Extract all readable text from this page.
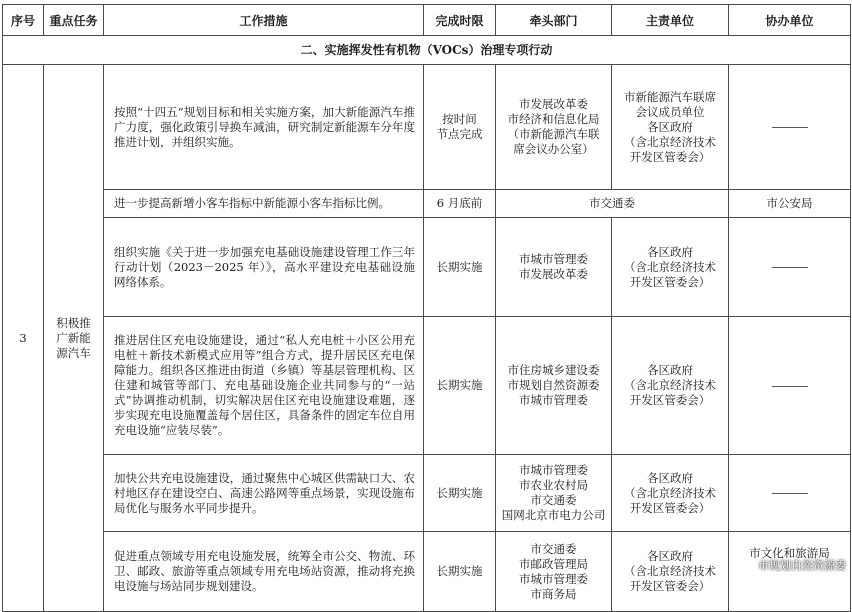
序号	重点任务	工作措施	完成时限	牵头部门	主责单位	协办单位
二、实施挥发性有机物（VOCs）治理专项行动						
3	积极推
广新能
源汽车	按照“十四五”规划目标和相关实施方案，加大新能源汽车推广力度，强化政策引导换车减油，研究制定新能源车分年度推进计划，并组织实施。	按时间
节点完成	市发展改革委
市经济和信息化局
（市新能源汽车联
席会议办公室）	市新能源汽车联席
会议成员单位
各区政府
（含北京经济技术
开发区管委会）	

		进一步提高新增小客车指标中新能源小客车指标比例。	6 月底前	市交通委		市公安局
		组织实施《关于进一步加强充电基础设施建设管理工作三年行动计划（2023－2025 年）》，高水平建设充电基础设施网络体系。	长期实施	市城市管理委
市发展改革委	各区政府
（含北京经济技术
开发区管委会）	

		推进居住区充电设施建设，通过“私人充电桩＋小区公用充电桩＋新技术新模式应用等”组合方式，提升居民区充电保障能力。组织各区推进由街道（乡镇）等基层管理机构、区住建和城管等部门、充电基础设施企业共同参与的“一站式”协调推动机制，切实解决居住区充电设施建设难题，逐步实现充电设施覆盖每个居住区，具备条件的固定车位自用充电设施“应装尽装”。	长期实施	市住房城乡建设委
市规划自然资源委
市城市管理委	各区政府
（含北京经济技术
开发区管委会）	

		加快公共充电设施建设，通过聚焦中心城区供需缺口大、农村地区存在建设空白、高速公路网等重点场景，实现设施布局优化与服务水平同步提升。	长期实施	市城市管理委
市农业农村局
市交通委
国网北京市电力公司	各区政府
（含北京经济技术
开发区管委会）	

		促进重点领域专用充电设施发展，统筹全市公交、物流、环卫、邮政、旅游等重点领域专用充电场站资源，推动将充换电设施与场站同步规划建设。	长期实施	市交通委
市邮政管理局
市城市管理委
市商务局	各区政府
（含北京经济技术
开发区管委会）	市文化和旅游局
市规划自然资源委
